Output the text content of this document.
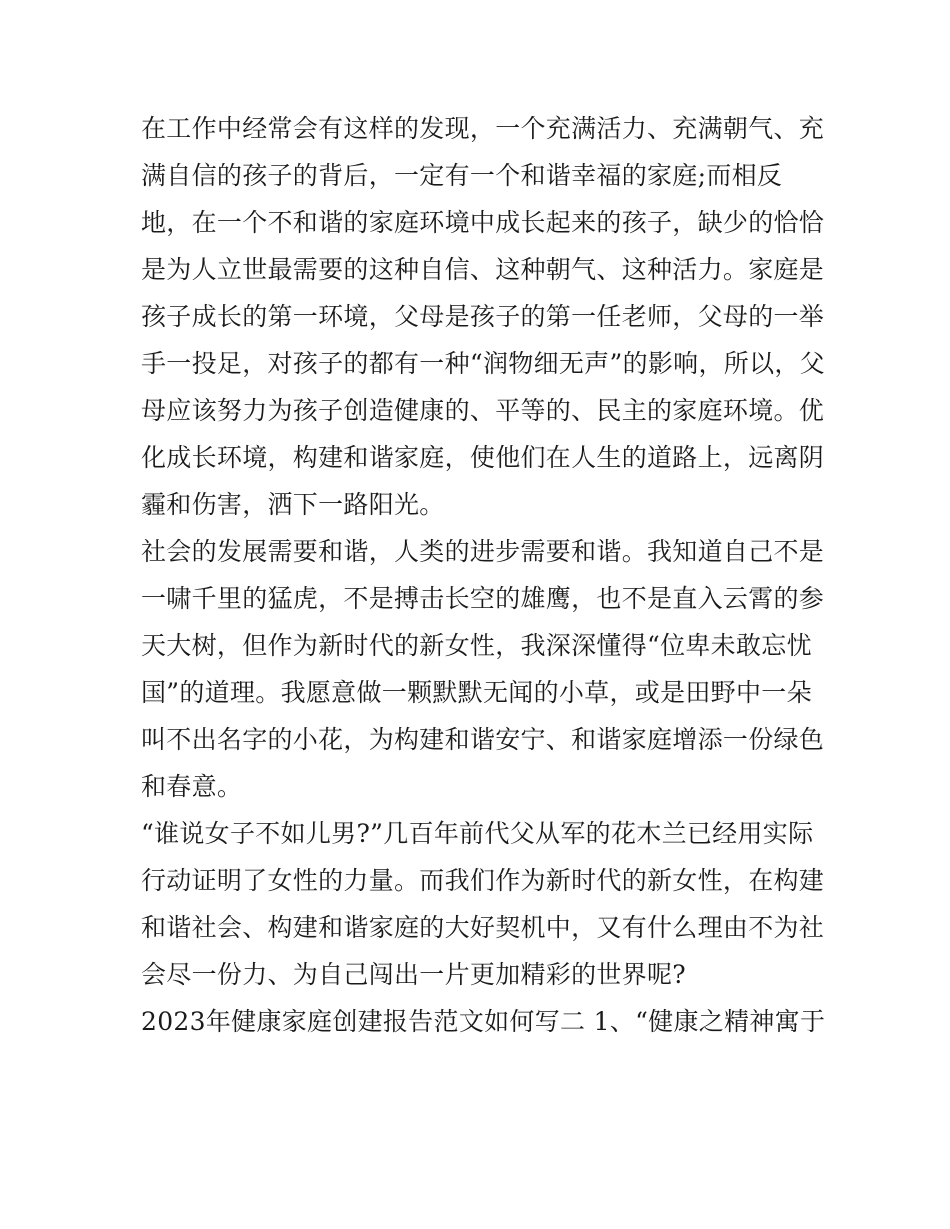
在工作中经常会有这样的发现，一个充满活力、充满朝气、充
满自信的孩子的背后，一定有一个和谐幸福的家庭;而相反
地，在一个不和谐的家庭环境中成长起来的孩子，缺少的恰恰
是为人立世最需要的这种自信、这种朝气、这种活力。家庭是
孩子成长的第一环境，父母是孩子的第一任老师，父母的一举
手一投足，对孩子的都有一种“润物细无声”的影响，所以，父
母应该努力为孩子创造健康的、平等的、民主的家庭环境。优
化成长环境，构建和谐家庭，使他们在人生的道路上，远离阴
霾和伤害，洒下一路阳光。
社会的发展需要和谐，人类的进步需要和谐。我知道自己不是
一啸千里的猛虎，不是搏击长空的雄鹰，也不是直入云霄的参
天大树，但作为新时代的新女性，我深深懂得“位卑未敢忘忧
国”的道理。我愿意做一颗默默无闻的小草，或是田野中一朵
叫不出名字的小花，为构建和谐安宁、和谐家庭增添一份绿色
和春意。
“谁说女子不如儿男?”几百年前代父从军的花木兰已经用实际
行动证明了女性的力量。而我们作为新时代的新女性，在构建
和谐社会、构建和谐家庭的大好契机中，又有什么理由不为社
会尽一份力、为自己闯出一片更加精彩的世界呢?
2023年健康家庭创建报告范文如何写二 1、“健康之精神寓于
